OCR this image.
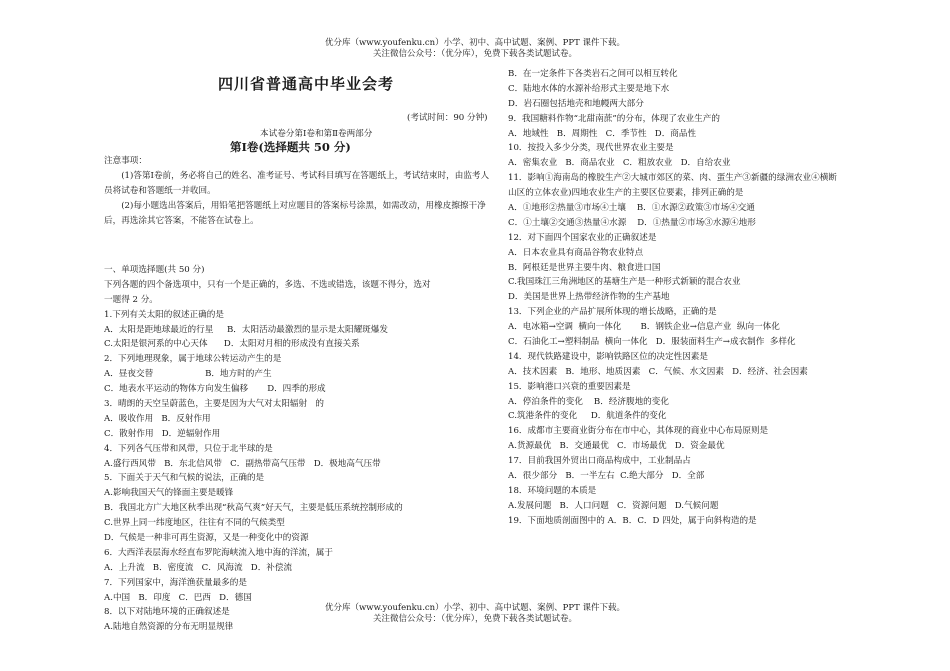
优分库（www.youfenku.cn）小学、初中、高中试题、案例、PPT 课件下载。
关注微信公众号：（优分库），免费下载各类试题试卷。
四川省普通高中毕业会考
(考试时间：90 分钟)
本试卷分第Ⅰ卷和第Ⅱ卷两部分
第Ⅰ卷(选择题共 50 分)
注意事项：
(1)答第Ⅰ卷前，务必将自己的姓名、准考证号、考试科目填写在答题纸上，考试结束时，由监考人员将试卷和答题纸一并收回。
(2)每小题选出答案后，用铅笔把答题纸上对应题目的答案标号涂黑，如需改动，用橡皮擦擦干净后，再选涂其它答案，不能答在试卷上。
一、单项选择题(共 50 分)
下列各题的四个备选项中，只有一个是正确的，多选、不选或错选，该题不得分，选对
一题得 2 分。
1.下列有关太阳的叙述正确的是
A．太阳是距地球最近的行星     B．太阳活动最激烈的显示是太阳耀斑爆发
C.太阳是银河系的中心天体      D．太阳对月相的形成没有直接关系
2．下列地理现象，属于地球公转运动产生的是
A．昼夜交替                   B．地方时的产生
C．地表水平运动的物体方向发生偏移       D．四季的形成
3．晴朗的天空呈蔚蓝色，主要是因为大气对太阳辐射   的
A．吸收作用   B．反射作用
C．散射作用   D．逆辐射作用
4．下列各气压带和风带，只位于北半球的是
A.盛行西风带   B．东北信风带   C．副热带高气压带   D．极地高气压带
5．下面关于天气和气候的说法，正确的是
A.影响我国天气的锋面主要是暖锋
B．我国北方广大地区秋季出现“秋高气爽”好天气，主要是低压系统控制形成的
C.世界上同一纬度地区，往往有不同的气候类型
D．气候是一种非可再生资源，又是一种变化中的资源
6．大西洋表层海水经直布罗陀海峡流入地中海的洋流，属于
A．上升流   B．密度流   C．风海流   D．补偿流
7．下列国家中，海洋渔获量最多的是
A.中国   B．印度   C．巴西   D．德国
8．以下对陆地环境的正确叙述是
A.陆地自然资源的分布无明显规律
B．在一定条件下各类岩石之间可以相互转化
C．陆地水体的水源补给形式主要是地下水
D．岩石圈包括地壳和地幔两大部分
9．我国糖料作物“北甜南蔗”的分布，体现了农业生产的
A．地域性   B．周期性   C．季节性   D．商品性
10．按投入多少分类，现代世界农业主要是
A．密集农业   B．商品农业   C．粗放农业   D．自给农业
11．影响①海南岛的橡胶生产②大城市郊区的菜、肉、蛋生产③新疆的绿洲农业④横断
山区的立体农业)四地农业生产的主要区位要素，排列正确的是
A．①地形②热量③市场④土壤    B．①水源②政策③市场④交通
C．①土壤②交通③热量④水源    D．①热量②市场③水源④地形
12．对下面四个国家农业的正确叙述是
A．日本农业具有商品谷物农业特点
B．阿根廷是世界主要牛肉、粮食进口国
C.我国珠江三角洲地区的基塘生产是一种形式新颖的混合农业
D．美国是世界上热带经济作物的生产基地
13．下列企业的产品扩展所体现的增长战略，正确的是
A．电冰箱→空调  横向一体化       B．钢铁企业→信息产业  纵向一体化
C．石油化工→塑料制品  横向一体化   D．服装面料生产→成衣制作  多样化
14．现代铁路建设中，影响铁路区位的决定性因素是
A．技术因素   B．地形、地质因素   C．气候、水文因素   D．经济、社会因素
15．影响港口兴衰的重要因素是
A．停泊条件的变化    B．经济腹地的变化
C.筑港条件的变化     D．航道条件的变化
16．成都市主要商业街分布在市中心，其体现的商业中心布局原则是
A.货源最优   B．交通最优   C．市场最优   D．资金最优
17．目前我国外贸出口商品构成中，工业制品占
A．很少部分   B．一半左右  C.绝大部分   D．全部
18．环境问题的本质是
A.发展问题   B．人口问题   C．资源问题   D.气候问题
19．下面地质剖面图中的 A．B．C．D 四处，属于向斜构造的是
优分库（www.youfenku.cn）小学、初中、高中试题、案例、PPT 课件下载。
关注微信公众号：（优分库），免费下载各类试题试卷。
